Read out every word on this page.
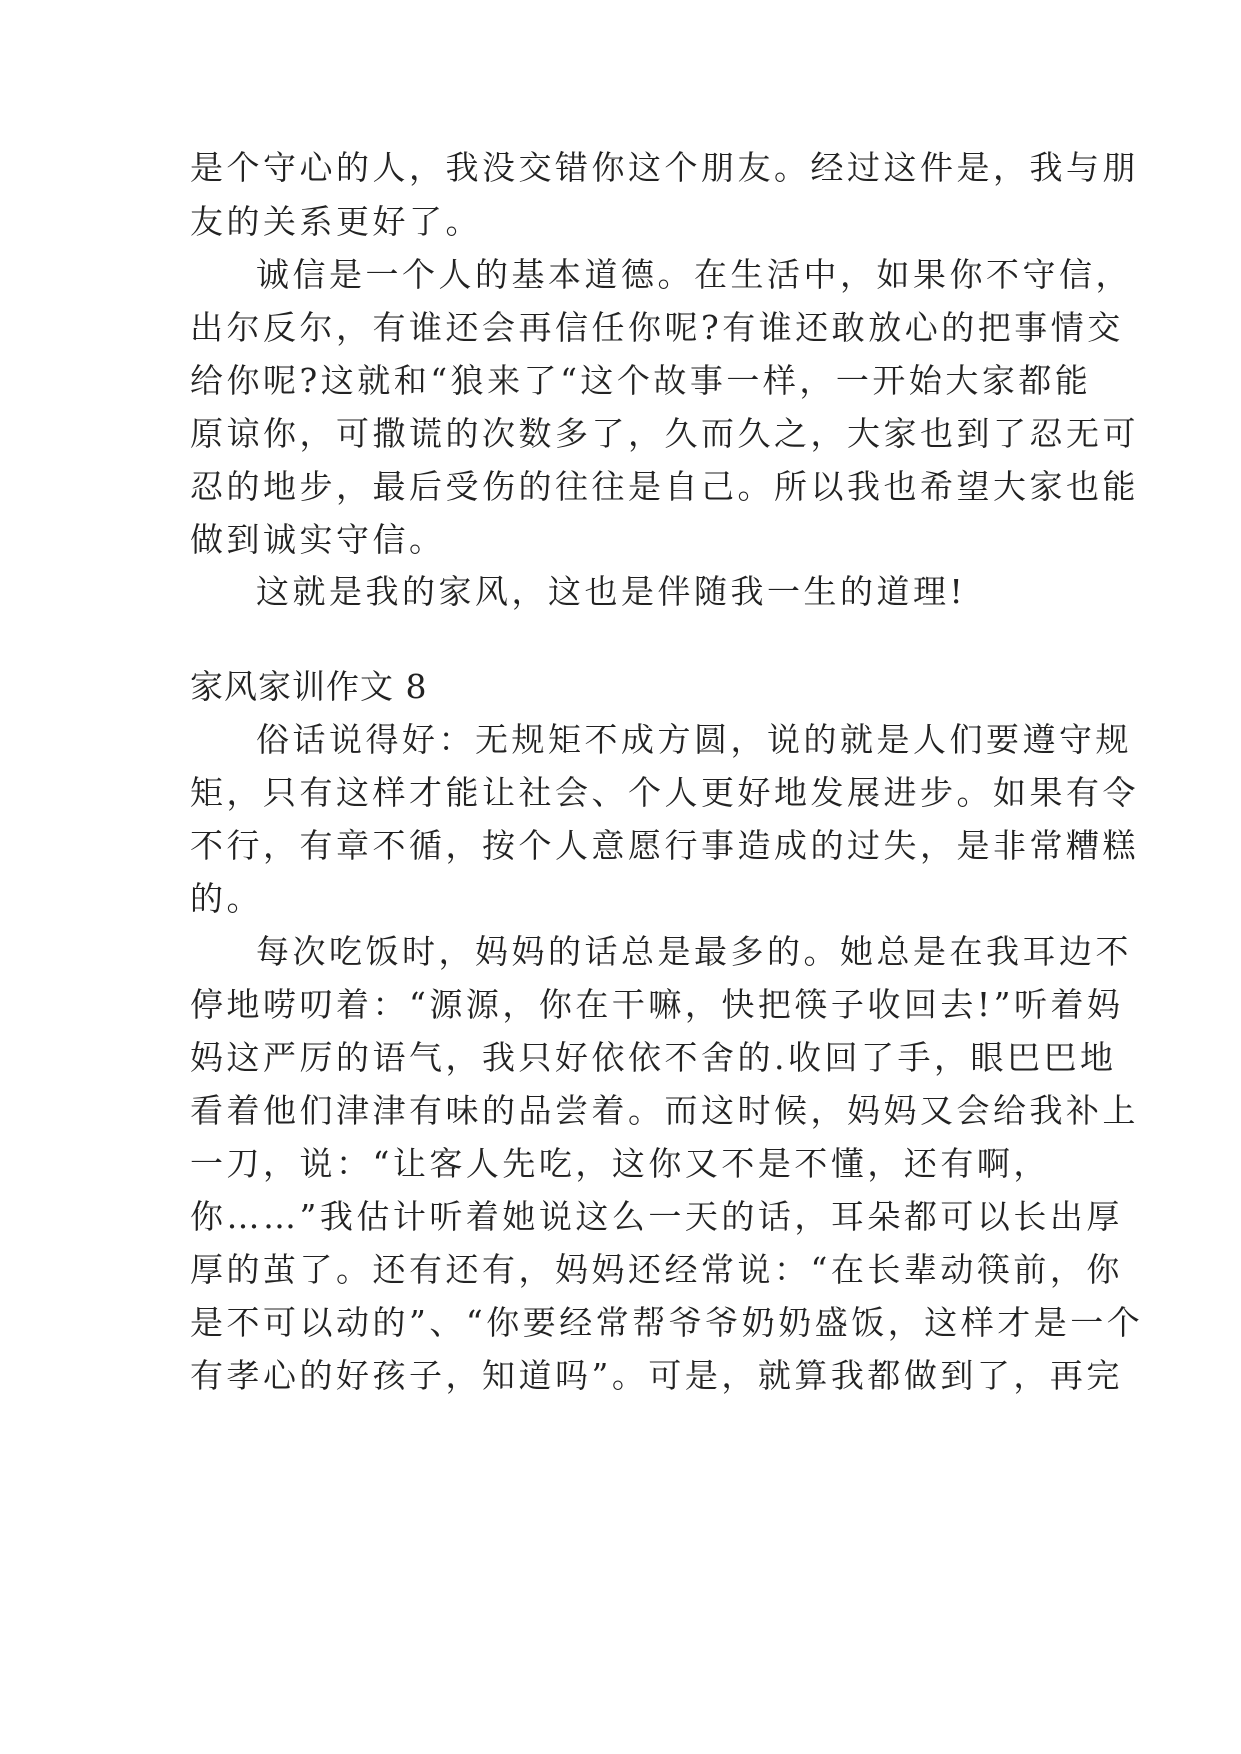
是个守心的人，我没交错你这个朋友。经过这件是，我与朋
友的关系更好了。
诚信是一个人的基本道德。在生活中，如果你不守信，
出尔反尔，有谁还会再信任你呢?有谁还敢放心的把事情交
给你呢?这就和“狼来了“这个故事一样，一开始大家都能
原谅你，可撒谎的次数多了，久而久之，大家也到了忍无可
忍的地步，最后受伤的往往是自己。所以我也希望大家也能
做到诚实守信。
这就是我的家风，这也是伴随我一生的道理!
家风家训作文 8
俗话说得好：无规矩不成方圆，说的就是人们要遵守规
矩，只有这样才能让社会、个人更好地发展进步。如果有令
不行，有章不循，按个人意愿行事造成的过失，是非常糟糕
的。
每次吃饭时，妈妈的话总是最多的。她总是在我耳边不
停地唠叨着：“源源，你在干嘛，快把筷子收回去!”听着妈
妈这严厉的语气，我只好依依不舍的.收回了手，眼巴巴地
看着他们津津有味的品尝着。而这时候，妈妈又会给我补上
一刀，说：“让客人先吃，这你又不是不懂，还有啊，
你……”我估计听着她说这么一天的话，耳朵都可以长出厚
厚的茧了。还有还有，妈妈还经常说：“在长辈动筷前，你
是不可以动的”、“你要经常帮爷爷奶奶盛饭，这样才是一个
有孝心的好孩子，知道吗”。可是，就算我都做到了，再完
